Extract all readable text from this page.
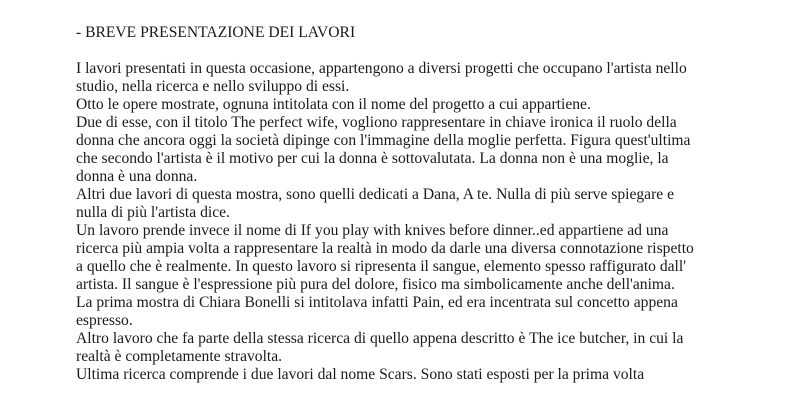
- BREVE PRESENTAZIONE DEI LAVORI
I lavori presentati in questa occasione, appartengono a diversi progetti che occupano l'artista nello
studio, nella ricerca e nello sviluppo di essi.
Otto le opere mostrate, ognuna intitolata con il nome del progetto a cui appartiene.
Due di esse, con il titolo The perfect wife, vogliono rappresentare in chiave ironica il ruolo della
donna che ancora oggi la società dipinge con l'immagine della moglie perfetta. Figura quest'ultima
che secondo l'artista è il motivo per cui la donna è sottovalutata. La donna non è una moglie, la
donna è una donna.
Altri due lavori di questa mostra, sono quelli dedicati a Dana, A te. Nulla di più serve spiegare e
nulla di più l'artista dice.
Un lavoro prende invece il nome di If you play with knives before dinner..ed appartiene ad una
ricerca più ampia volta a rappresentare la realtà in modo da darle una diversa connotazione rispetto
a quello che è realmente. In questo lavoro si ripresenta il sangue, elemento spesso raffigurato dall'
artista. Il sangue è l'espressione più pura del dolore, fisico ma simbolicamente anche dell'anima.
La prima mostra di Chiara Bonelli si intitolava infatti Pain, ed era incentrata sul concetto appena
espresso.
Altro lavoro che fa parte della stessa ricerca di quello appena descritto è The ice butcher, in cui la
realtà è completamente stravolta.
Ultima ricerca comprende i due lavori dal nome Scars. Sono stati esposti per la prima volta
